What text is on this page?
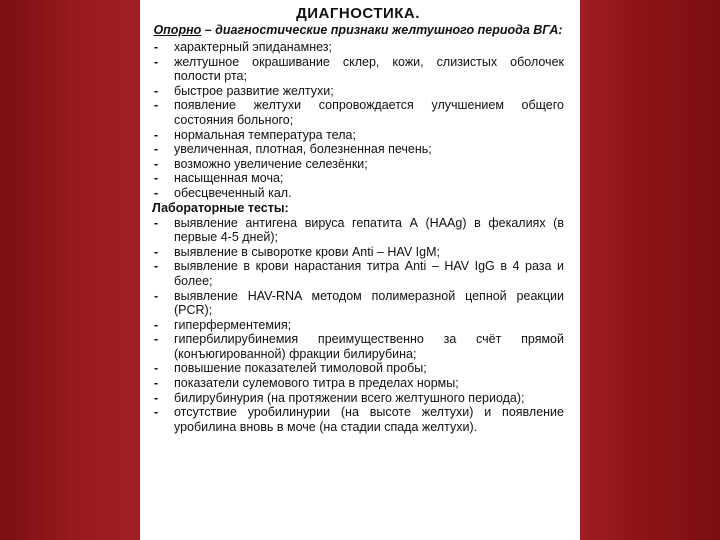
ДИАГНОСТИКА.
Опорно – диагностические признаки желтушного периода ВГА:
- характерный эпиданамнез;
- желтушное окрашивание склер, кожи, слизистых оболочек полости рта;
- быстрое развитие желтухи;
- появление желтухи сопровождается улучшением общего состояния больного;
- нормальная температура тела;
- увеличенная, плотная, болезненная печень;
- возможно увеличение селезёнки;
- насыщенная моча;
- обесцвеченный кал.
Лабораторные тесты:
- выявление антигена вируса гепатита А (HAAg) в фекалиях (в первые 4-5 дней);
- выявление в сыворотке крови Anti – HAV IgM;
- выявление в крови нарастания титра Anti – HAV IgG в 4 раза и более;
- выявление HAV-RNA методом полимеразной цепной реакции (PCR);
- гиперферментемия;
- гипербилирубинемия преимущественно за счёт прямой (конъюгированной) фракции билирубина;
- повышение показателей тимоловой пробы;
- показатели сулемового титра в пределах нормы;
- билирубинурия (на протяжении всего желтушного периода);
- отсутствие уробилинурии (на высоте желтухи) и появление уробилина вновь в моче (на стадии спада желтухи).
